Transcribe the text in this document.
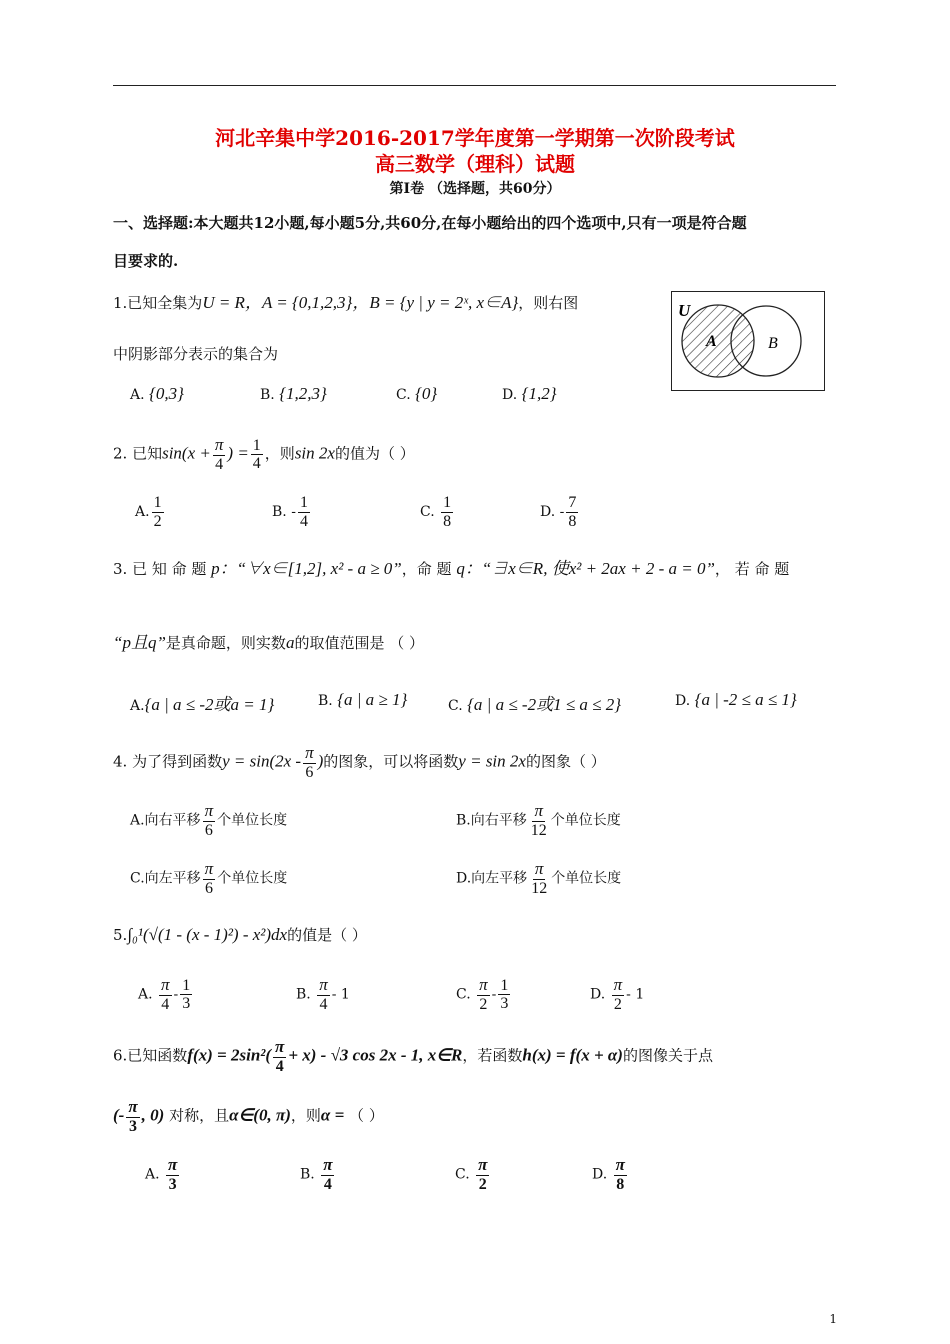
河北辛集中学2016-2017学年度第一学期第一次阶段考试
高三数学（理科）试题
第Ⅰ卷 （选择题，共60分）
一、选择题:本大题共12小题,每小题5分,共60分,在每小题给出的四个选项中,只有一项是符合题
目要求的.
1.已知全集为U = R，A = {0,1,2,3}，B = {y | y = 2ˣ, x∈A}，则右图
中阴影部分表示的集合为
U
A	B
A. {0,3}	B. {1,2,3}	C. {0}	D. {1,2}
2. 已知$\sin(x + \frac{\pi}{4}$ ) = $\frac{1}{4}$ ，则sin 2x的值为（ ）
A. $\frac{1}{2}$	B. - $\frac{1}{4}$	C. $\frac{1}{8}$	D. - $\frac{7}{8}$
3. 已 知 命 题 p：“∀x∈[1,2], x² - a ≥ 0”，命 题 q：“∃x∈R, 使x² + 2ax + 2 - a = 0”， 若 命 题
“p且q”是真命题，则实数a的取值范围是 （ ）
A.{a | a ≤ -2或a = 1}	B. {a | a ≥ 1}	C. {a | a ≤ -2或1 ≤ a ≤ 2}	D. {a | -2 ≤ a ≤ 1}
4. 为了得到函数$y = \sin(2x - \frac{\pi}{6}$ )的图象，可以将函数y = sin 2x的图象（ ）
A.向右平移 $\frac{\pi}{6}$ 个单位长度	B.向右平移 $\frac{\pi}{12}$ 个单位长度
C.向左平移 $\frac{\pi}{6}$ 个单位长度	D.向左平移 $\frac{\pi}{12}$ 个单位长度
5.∫₀¹(√(1 - (x - 1)²) - x²)dx的值是（ ）
A. $\frac{\pi}{4} - \frac{1}{3}$	B. $\frac{\pi}{4} - 1$	C. $\frac{\pi}{2} - \frac{1}{3}$	D. $\frac{\pi}{2} - 1$
6.已知函数$f(x) = 2\sin^2( \frac{\pi}{4} + x) - √3$ cos 2x - 1, x∈R，若函数h(x) = f(x + α)的图像关于点
(- $\frac{\pi}{3}$ , 0) 对称，且α∈(0, π)，则α = （ ）
A. $\frac{\pi}{3}$	B. $\frac{\pi}{4}$	C. $\frac{\pi}{2}$	D. $\frac{\pi}{8}$
1
